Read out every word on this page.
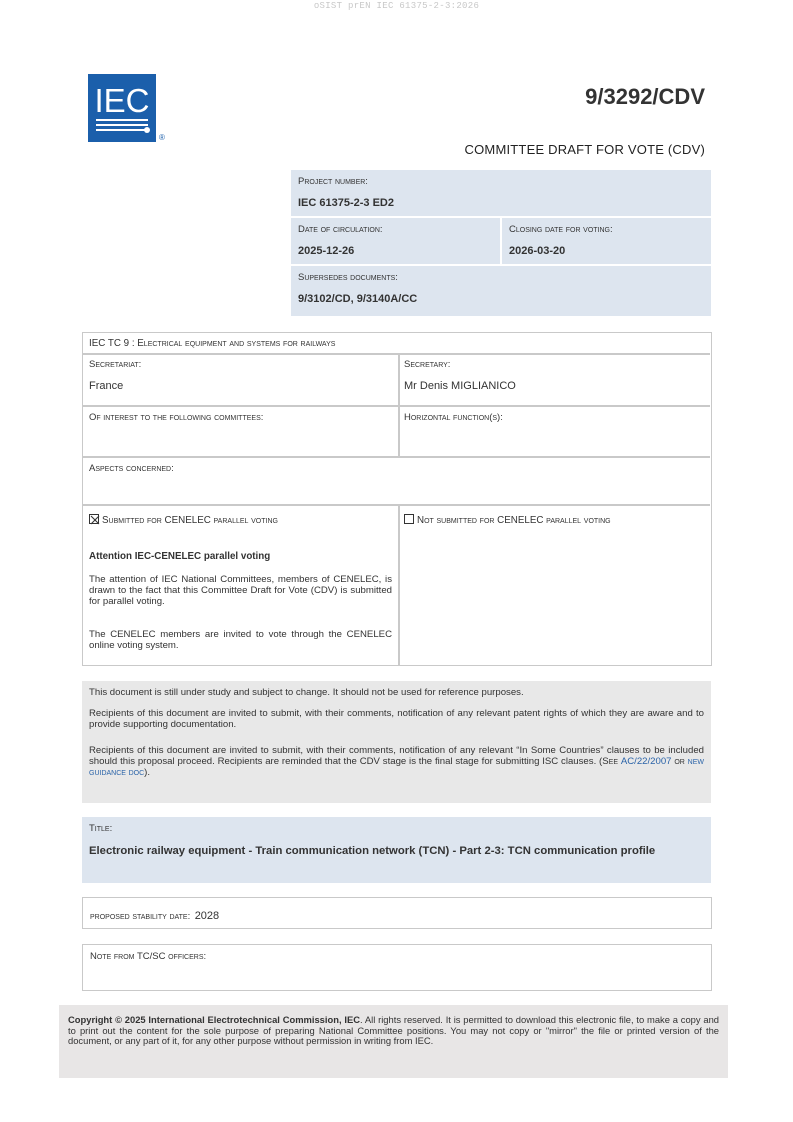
oSIST prEN IEC 61375-2-3:2026
IEC
®
9/3292/CDV
COMMITTEE DRAFT FOR VOTE (CDV)
Project number:
IEC 61375-2-3 ED2
Date of circulation:
2025-12-26
Closing date for voting:
2026-03-20
Supersedes documents:
9/3102/CD, 9/3140A/CC
IEC TC 9 : Electrical equipment and systems for railways
Secretariat:
France
Secretary:
Mr Denis MIGLIANICO
Of interest to the following committees:	Horizontal function(s):
Aspects concerned:
Submitted for CENELEC parallel voting
Attention IEC-CENELEC parallel voting
The attention of IEC National Committees, members of CENELEC, is drawn to the fact that this Committee Draft for Vote (CDV) is submitted for parallel voting.
The CENELEC members are invited to vote through the CENELEC online voting system.
Not submitted for CENELEC parallel voting
This document is still under study and subject to change. It should not be used for reference purposes.
Recipients of this document are invited to submit, with their comments, notification of any relevant patent rights of which they are aware and to provide supporting documentation.
Recipients of this document are invited to submit, with their comments, notification of any relevant “In Some Countries” clauses to be included should this proposal proceed. Recipients are reminded that the CDV stage is the final stage for submitting ISC clauses. (See AC/22/2007 or new guidance doc).
Title:
Electronic railway equipment - Train communication network (TCN) - Part 2-3: TCN communication profile
proposed stability date: 2028
Note from TC/SC officers:
Copyright © 2025 International Electrotechnical Commission, IEC. All rights reserved. It is permitted to download this electronic file, to make a copy and to print out the content for the sole purpose of preparing National Committee positions. You may not copy or "mirror" the file or printed version of the document, or any part of it, for any other purpose without permission in writing from IEC.
